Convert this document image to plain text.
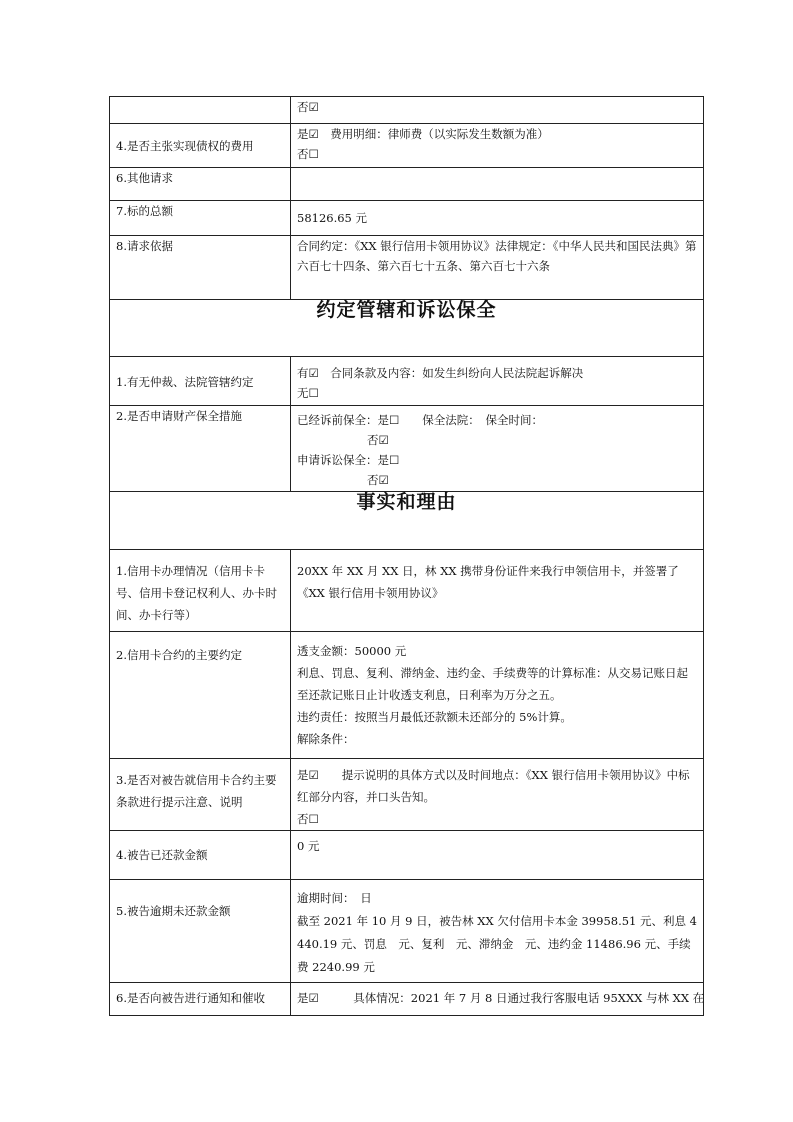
	否☑
4.是否主张实现债权的费用	是☑　费用明细：律师费（以实际发生数额为准）
否☐

6.其他请求	
7.标的总额	58126.65 元
8.请求依据	合同约定：《XX 银行信用卡领用协议》法律规定：《中华人民共和国民法典》第六百七十四条、第六百七十五条、第六百七十六条
约定管辖和诉讼保全	
1.有无仲裁、法院管辖约定	有☑　合同条款及内容：如发生纠纷向人民法院起诉解决
无☐

2.是否申请财产保全措施	已经诉前保全：是☐　　保全法院：　保全时间：
否☑
申请诉讼保全：是☐
否☑

事实和理由	
1.信用卡办理情况（信用卡卡号、信用卡登记权利人、办卡时间、办卡行等）	20XX 年 XX 月 XX 日，林 XX 携带身份证件来我行申领信用卡，并签署了《XX 银行信用卡领用协议》
2.信用卡合约的主要约定	透支金额：50000 元
利息、罚息、复利、滞纳金、违约金、手续费等的计算标准：从交易记账日起至还款记账日止计收透支利息，日利率为万分之五。
违约责任：按照当月最低还款额未还部分的 5%计算。
解除条件：

3.是否对被告就信用卡合约主要条款进行提示注意、说明	是☑　　提示说明的具体方式以及时间地点：《XX 银行信用卡领用协议》中标红部分内容，并口头告知。
否☐

4.被告已还款金额	0 元
5.被告逾期未还款金额	逾期时间：　日
截至 2021 年 10 月 9 日，被告林 XX 欠付信用卡本金 39958.51 元、利息 4440.19 元、罚息　元、复利　元、滞纳金　元、违约金 11486.96 元、手续费 2240.99 元

6.是否向被告进行通知和催收	是☑　　　具体情况：2021 年 7 月 8 日通过我行客服电话 95XXX 与林 XX 在
